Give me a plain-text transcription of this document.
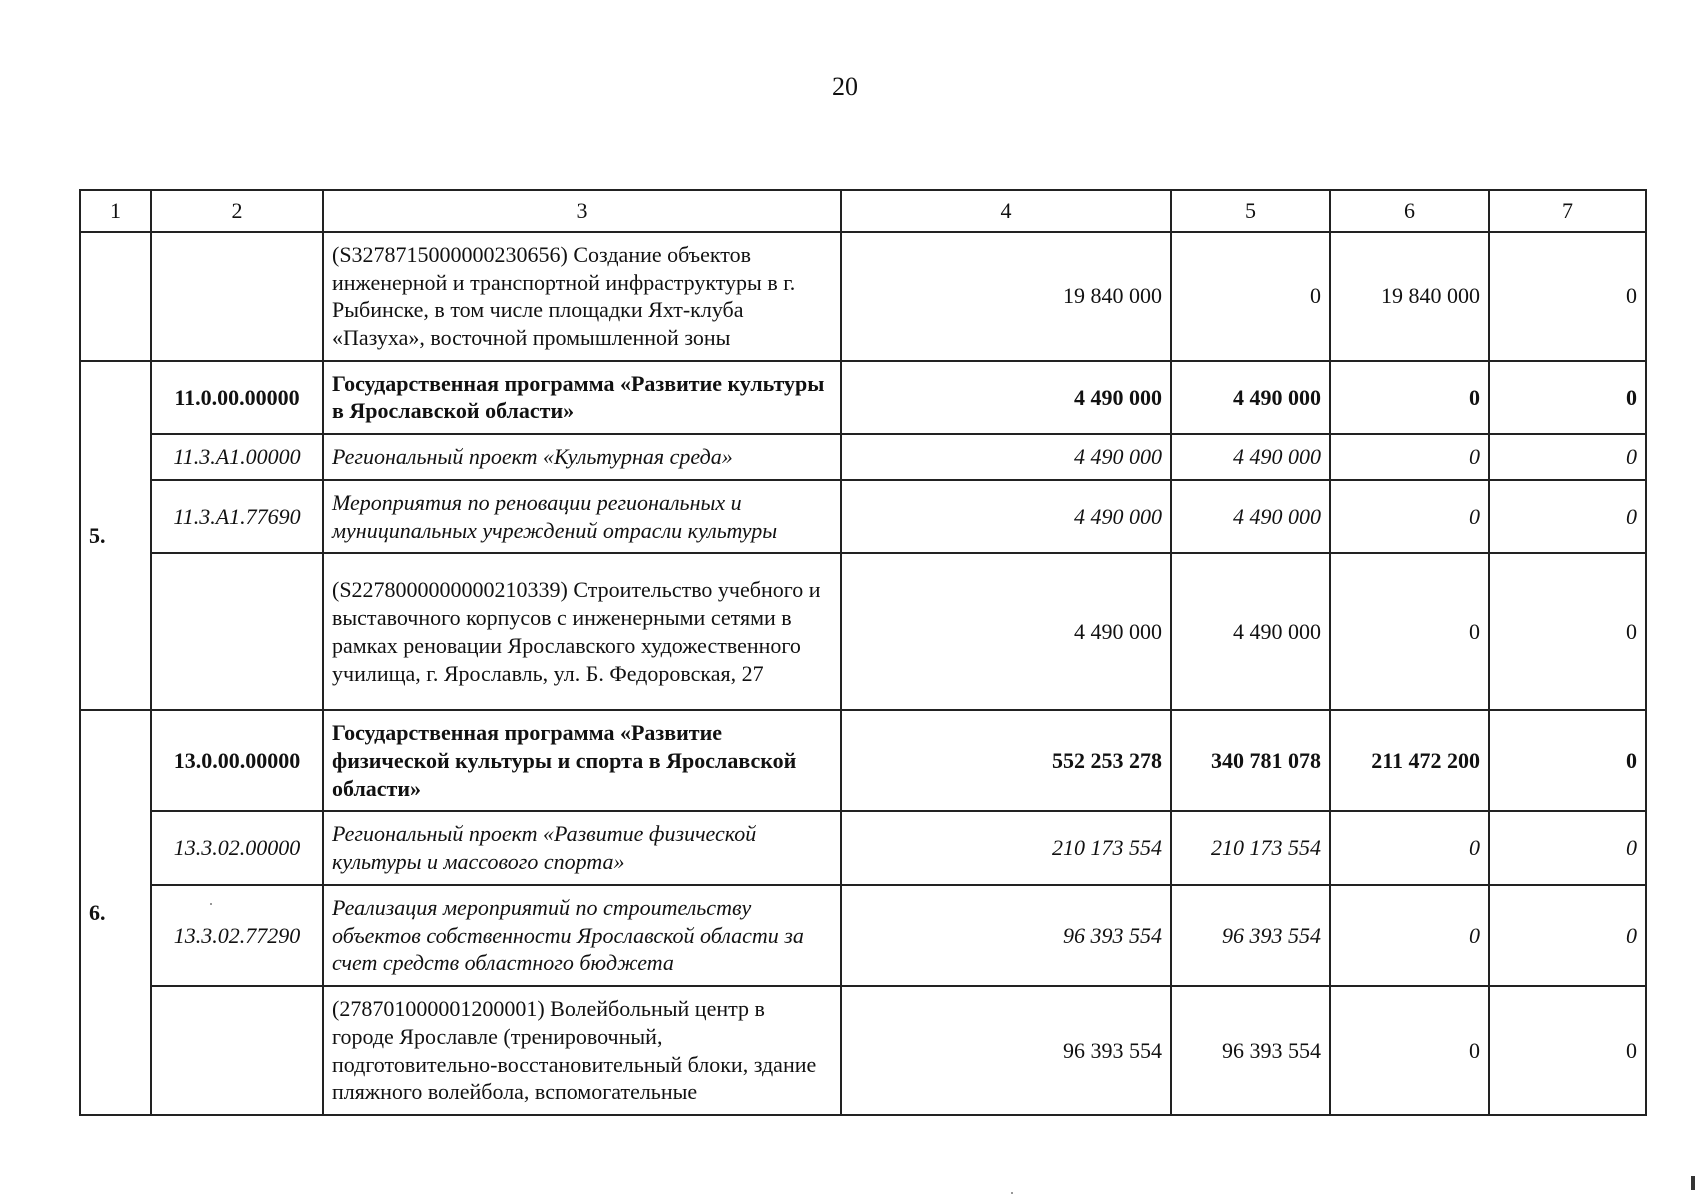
20
1	2	3	4	5	6	7
		(S3278715000000230656) Создание объектов инженерной и транспортной инфраструктуры в г. Рыбинске, в том числе площадки Яхт-клуба «Пазуха», восточной промышленной зоны	19 840 000	0	19 840 000	0
5.	11.0.00.00000	Государственная программа «Развитие культуры в Ярославской области»	4 490 000	4 490 000	0	0
	11.3.А1.00000	Региональный проект «Культурная среда»	4 490 000	4 490 000	0	0
	11.3.А1.77690	Мероприятия по реновации региональных и муниципальных учреждений отрасли культуры	4 490 000	4 490 000	0	0
		(S2278000000000210339) Строительство учебного и выставочного корпусов с инженерными сетями в рамках реновации Ярославского художественного училища, г. Ярославль, ул. Б. Федоровская, 27	4 490 000	4 490 000	0	0
6.	13.0.00.00000	Государственная программа «Развитие физической культуры и спорта в Ярославской области»	552 253 278	340 781 078	211 472 200	0
	13.3.02.00000	Региональный проект «Развитие физической культуры и массового спорта»	210 173 554	210 173 554	0	0
	13.3.02.77290	Реализация мероприятий по строительству объектов собственности Ярославской области за счет средств областного бюджета	96 393 554	96 393 554	0	0
		(278701000001200001) Волейбольный центр в городе Ярославле (тренировочный, подготовительно-восстановительный блоки, здание пляжного волейбола, вспомогательные	96 393 554	96 393 554	0	0
